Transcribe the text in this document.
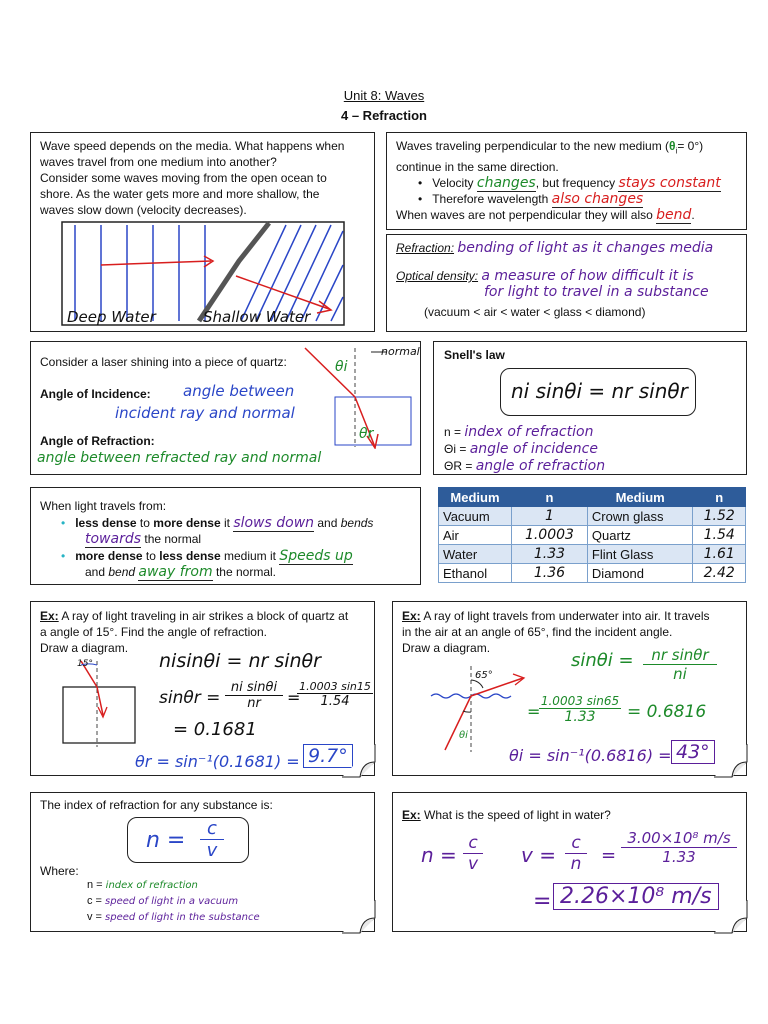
Unit 8: Waves
4 – Refraction
Wave speed depends on the media. What happens when
waves travel from one medium into another?
Consider some waves moving from the open ocean to
shore. As the water gets more and more shallow, the
waves slow down (velocity decreases).
Deep Water	Shallow Water
Waves traveling perpendicular to the new medium $(\theta_i= 0^\circ)$
continue in the same direction.
•   Velocity changes, but frequency stays constant
•   Therefore wavelength also changes
When waves are not perpendicular they will also bend.
Refraction: bending of light as it changes media
Optical density: a measure of how difficult it is
for light to travel in a substance
(vacuum < air < water < glass < diamond)
Consider a laser shining into a piece of quartz:
Angle of Incidence: angle between
incident ray and normal
Angle of Refraction:
angle between refracted ray and normal
normal
θi
θr
Snell's law
ni sinθi = nr sinθr
n = index of refraction
Θi = angle of incidence
ΘR = angle of refraction
When light travels from:
• less dense to more dense it slows down and bends
towards the normal
• more dense to less dense medium it Speeds up
and bend away from the normal.
Medium	n	Medium	n
Vacuum	1	Crown glass	1.52
Air	1.0003	Quartz	1.54
Water	1.33	Flint Glass	1.61
Ethanol	1.36	Diamond	2.42
Ex: A ray of light traveling in air strikes a block of quartz at
a angle of 15°. Find the angle of refraction.
Draw a diagram.
15°	nisinθi = nr sinθr
$\sin\theta r = \frac{\text{ni sinθi}}{nr}$ =
1.0003 sin15
1.54
= 0.1681
θr = sin⁻¹(0.1681) = 9.7°
Ex: A ray of light travels from underwater into air. It travels
in the air at an angle of 65°, find the incident angle.
Draw a diagram.
65°
θi
$\sin\theta i = \frac{\text{nr sinθr}}{ni}$
=
$\frac{1.0003 \sin 65}{1.33} = 0.6816$
θi = sin⁻¹(0.6816) = 43°
The index of refraction for any substance is:
n =	c
v
Where:
n = index of refraction
c = speed of light in a vacuum
v = speed of light in the substance
Ex: What is the speed of light in water?
$n = \frac{c}{v}$ $v = \frac{c}{n} = \frac{\text{3.00×10⁸ m/s}}{1.33}$
= 2.26×10⁸ m/s
